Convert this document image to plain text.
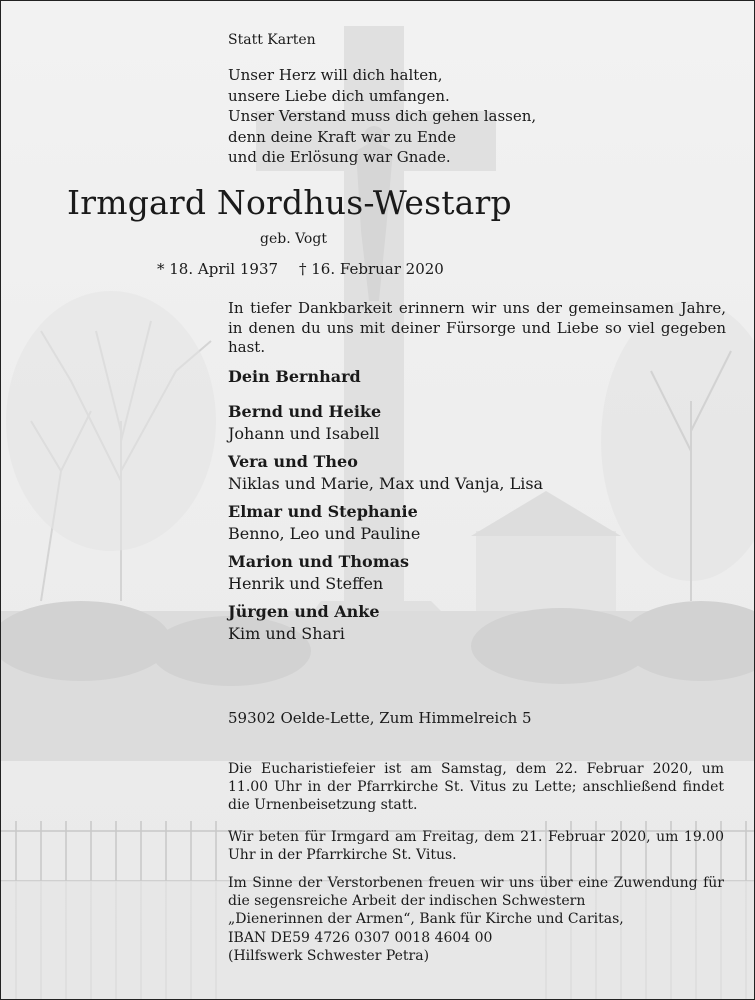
Statt Karten
Unser Herz will dich halten,
unsere Liebe dich umfangen.
Unser Verstand muss dich gehen lassen,
denn deine Kraft war zu Ende
und die Erlösung war Gnade.
Irmgard Nordhus-Westarp
geb. Vogt
* 18. April 1937 † 16. Februar 2020
In tiefer Dankbarkeit erinnern wir uns der gemeinsamen Jahre, in denen du uns mit deiner Fürsorge und Liebe so viel gegeben hast.
Dein Bernhard
Bernd und Heike
Johann und Isabell
Vera und Theo
Niklas und Marie, Max und Vanja, Lisa
Elmar und Stephanie
Benno, Leo und Pauline
Marion und Thomas
Henrik und Steffen
Jürgen und Anke
Kim und Shari
59302 Oelde-Lette, Zum Himmelreich 5
Die Eucharistiefeier ist am Samstag, dem 22. Februar 2020, um 11.00 Uhr in der Pfarrkirche St. Vitus zu Lette; anschließend findet die Urnenbeisetzung statt.
Wir beten für Irmgard am Freitag, dem 21. Februar 2020, um 19.00 Uhr in der Pfarrkirche St. Vitus.
Im Sinne der Verstorbenen freuen wir uns über eine Zuwendung für die segensreiche Arbeit der indischen Schwestern
„Dienerinnen der Armen“, Bank für Kirche und Caritas,
IBAN DE59 4726 0307 0018 4604 00
(Hilfswerk Schwester Petra)
